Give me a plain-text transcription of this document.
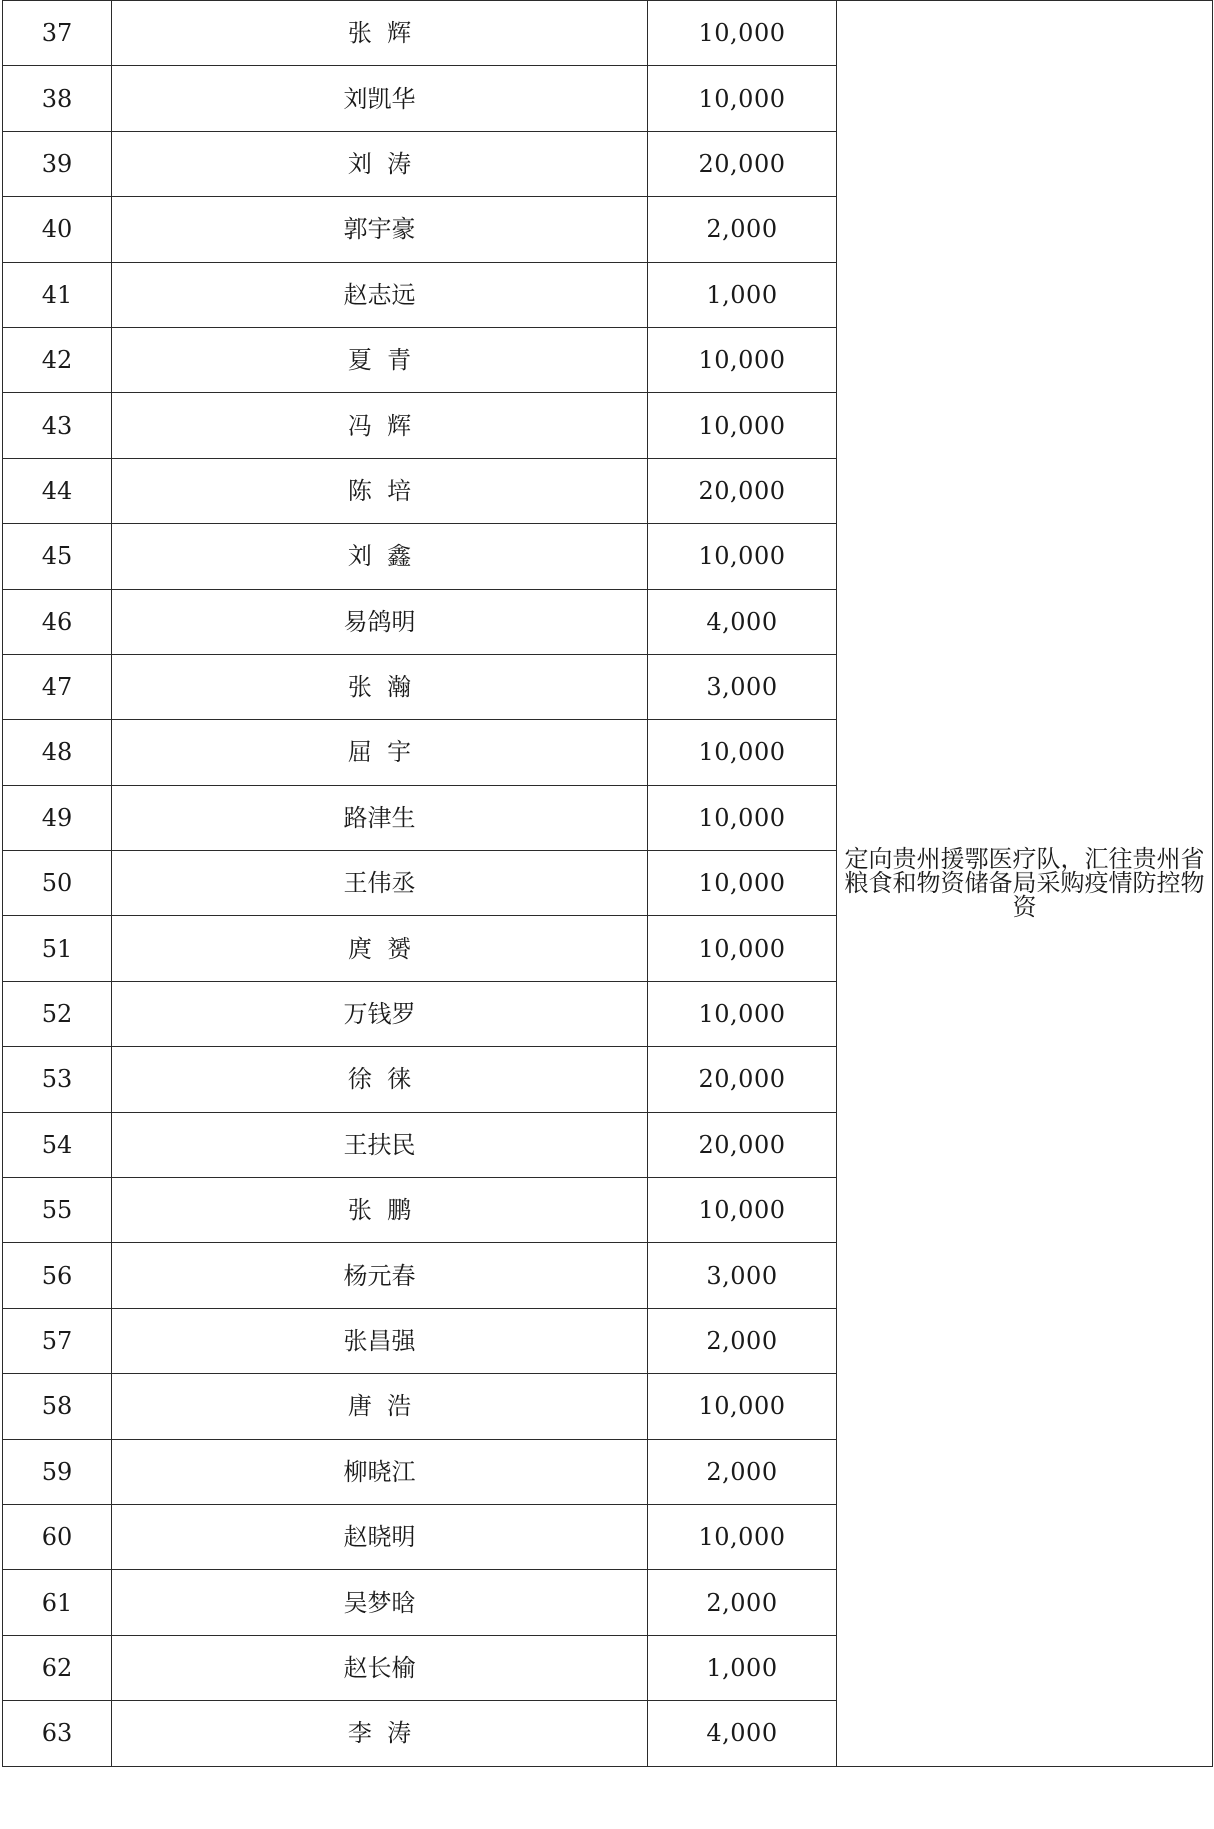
37	张  辉	10,000	定向贵州援鄂医疗队，汇往贵州省粮食和物资储备局采购疫情防控物资
38	刘凯华	10,000	
39	刘  涛	20,000	
40	郭宇豪	2,000	
41	赵志远	1,000	
42	夏  青	10,000	
43	冯  辉	10,000	
44	陈  培	20,000	
45	刘  鑫	10,000	
46	易鸽明	4,000	
47	张  瀚	3,000	
48	屈  宇	10,000	
49	路津生	10,000	
50	王伟丞	10,000	
51	庹  赟	10,000	
52	万钱罗	10,000	
53	徐  徕	20,000	
54	王扶民	20,000	
55	张  鹏	10,000	
56	杨元春	3,000	
57	张昌强	2,000	
58	唐  浩	10,000	
59	柳晓江	2,000	
60	赵晓明	10,000	
61	吴梦晗	2,000	
62	赵长榆	1,000	
63	李  涛	4,000	
